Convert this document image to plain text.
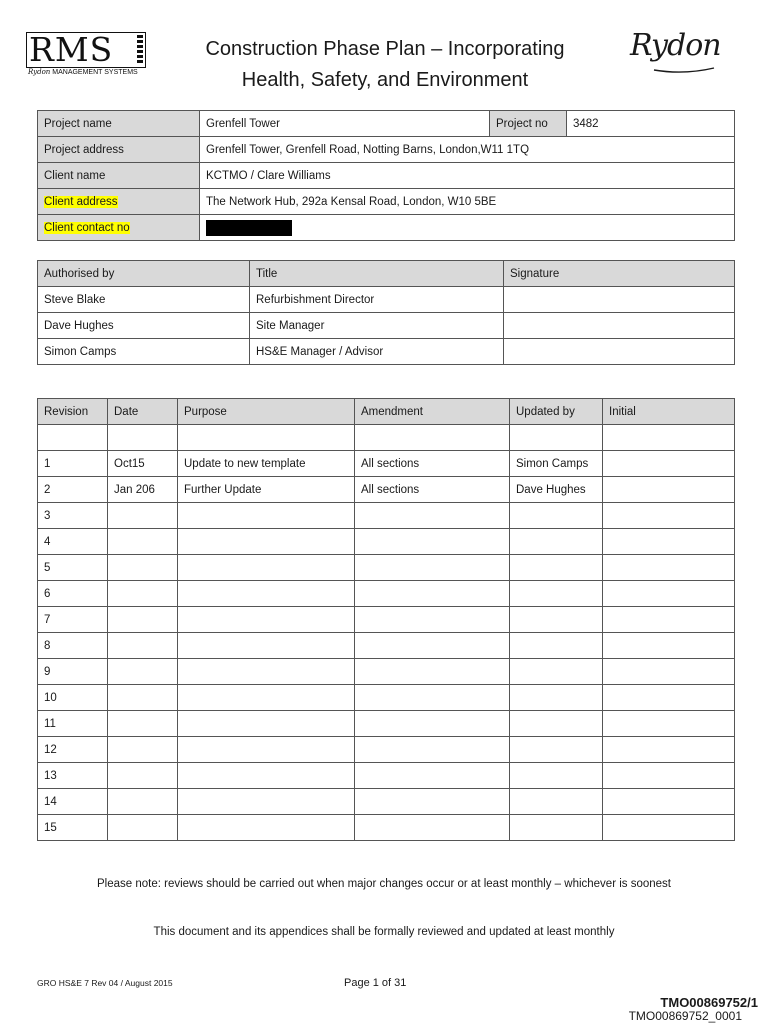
RMS
Rydon MANAGEMENT SYSTEMS
Construction Phase Plan – Incorporating
Health, Safety, and Environment
Rydon
Project name	Grenfell Tower	Project no	3482
Project address	Grenfell Tower, Grenfell Road, Notting Barns, London,W11 1TQ		
Client name	KCTMO / Clare Williams		
Client address	The Network Hub, 292a Kensal Road, London, W10 5BE		
Client contact no			
Authorised by	Title	Signature
Steve Blake	Refurbishment Director	
Dave Hughes	Site Manager	
Simon Camps	HS&E Manager / Advisor	
Revision	Date	Purpose	Amendment	Updated by	Initial

1	Oct15	Update to new template	All sections	Simon Camps	
2	Jan 206	Further Update	All sections	Dave Hughes	
3					
4					
5					
6					
7					
8					
9					
10					
11					
12					
13					
14					
15					
Please note: reviews should be carried out when major changes occur or at least monthly – whichever is soonest
This document and its appendices shall be formally reviewed and updated at least monthly
GRO HS&E 7 Rev 04 / August 2015	Page 1 of 31
TMO00869752/1
TMO00869752_0001
